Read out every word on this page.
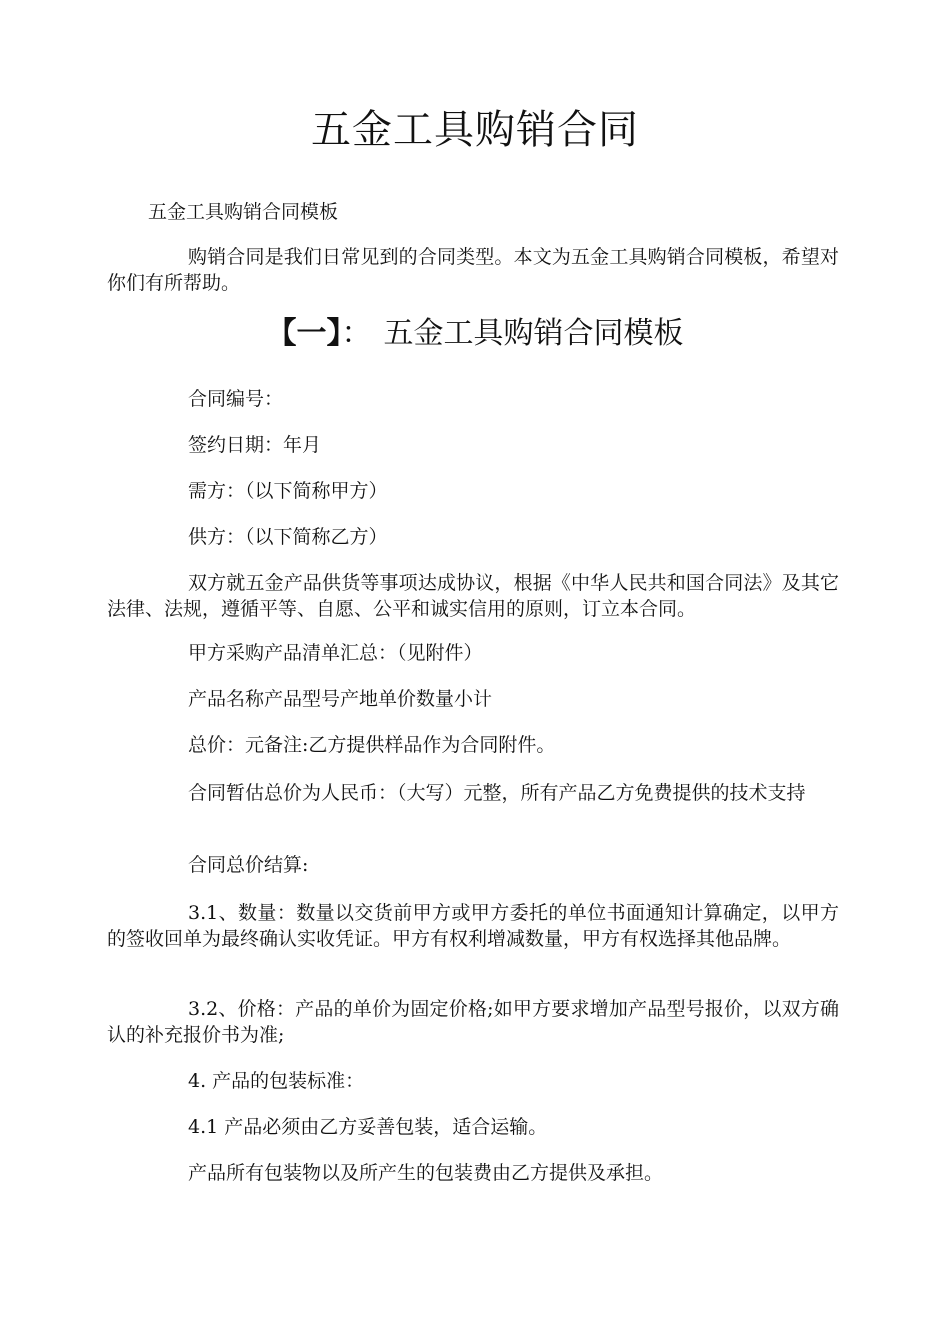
五金工具购销合同
五金工具购销合同模板

购销合同是我们日常见到的合同类型。本文为五金工具购销合同模板，希望对你们有所帮助。

【一】： 五金工具购销合同模板

合同编号：

签约日期：年月

需方：（以下简称甲方）

供方：（以下简称乙方）

双方就五金产品供货等事项达成协议，根据《中华人民共和国合同法》及其它法律、法规，遵循平等、自愿、公平和诚实信用的原则，订立本合同。

甲方采购产品清单汇总：（见附件）

产品名称产品型号产地单价数量小计

总价：元备注:乙方提供样品作为合同附件。

合同暂估总价为人民币：（大写）元整，所有产品乙方免费提供的技术支持

合同总价结算:

3.1、数量：数量以交货前甲方或甲方委托的单位书面通知计算确定，以甲方的签收回单为最终确认实收凭证。甲方有权利增减数量，甲方有权选择其他品牌。

3.2、价格：产品的单价为固定价格;如甲方要求增加产品型号报价，以双方确认的补充报价书为准;

4. 产品的包装标准：

4.1 产品必须由乙方妥善包装，适合运输。

产品所有包装物以及所产生的包装费由乙方提供及承担。
